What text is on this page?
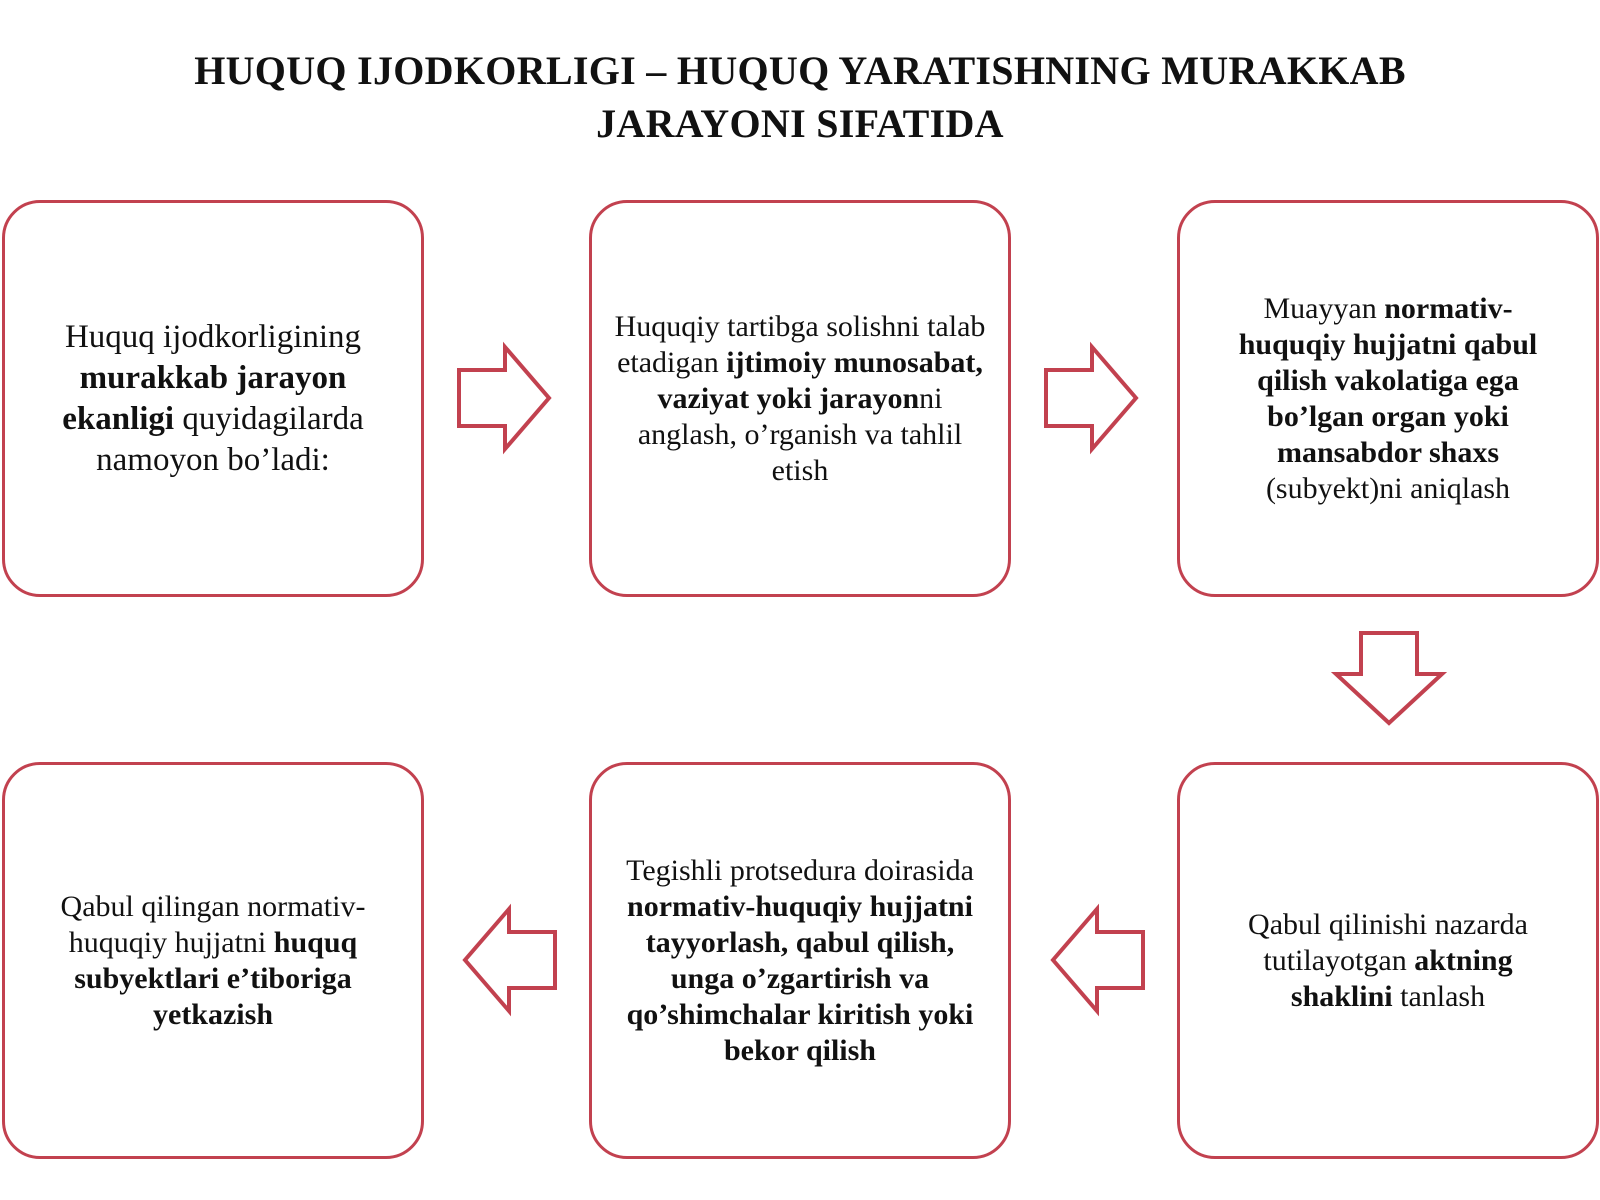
HUQUQ IJODKORLIGI – HUQUQ YARATISHNING MURAKKAB
JARAYONI SIFATIDA
Huquq ijodkorligining murakkab jarayon ekanligi quyidagilarda namoyon bo’ladi:
Huquqiy tartibga solishni talab etadigan ijtimoiy munosabat, vaziyat yoki jarayonni anglash, o’rganish va tahlil etish
Muayyan normativ-huquqiy hujjatni qabul qilish vakolatiga ega bo’lgan organ yoki mansabdor shaxs (subyekt)ni aniqlash
Qabul qilingan normativ-huquqiy hujjatni huquq subyektlari e’tiboriga yetkazish
Tegishli protsedura doirasida normativ-huquqiy hujjatni tayyorlash, qabul qilish, unga o’zgartirish va qo’shimchalar kiritish yoki bekor qilish
Qabul qilinishi nazarda tutilayotgan aktning shaklini tanlash
